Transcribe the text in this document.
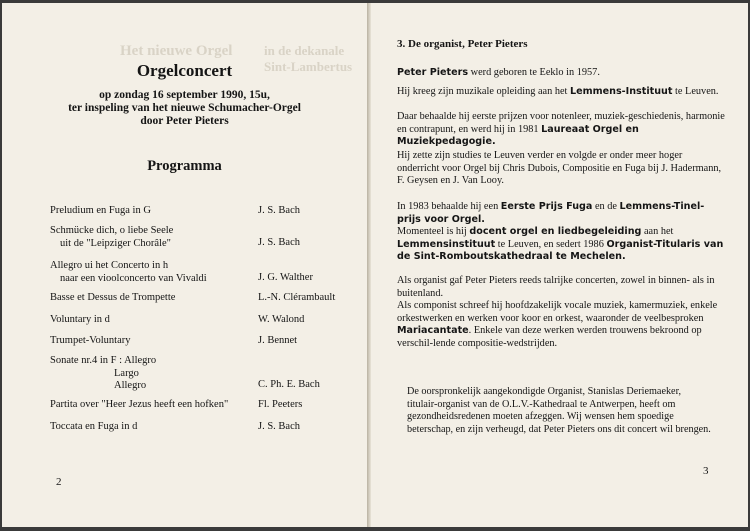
Het nieuwe Orgel in de dekanale Sint-Lambertus
Orgelconcert
op zondag 16 september 1990, 15u,
ter inspeling van het nieuwe Schumacher-Orgel
door Peter Pieters
Programma
Preludium en Fuga in G	J. S. Bach
Schmücke dich, o liebe Seele
uit de "Leipziger Chorâle"	J. S. Bach
Allegro ui het Concerto in h
naar een vioolconcerto van Vivaldi	J. G. Walther
Basse et Dessus de Trompette	L.-N. Clérambault
Voluntary in d	W. Walond
Trumpet-Voluntary	J. Bennet
Sonate nr.4 in F : Allegro
Largo
Allegro	C. Ph. E. Bach
Partita over "Heer Jezus heeft een hofken"	Fl. Peeters
Toccata en Fuga in d	J. S. Bach
2
3. De organist, Peter Pieters
Peter Pieters werd geboren te Eeklo in 1957.
Hij kreeg zijn muzikale opleiding aan het Lemmens-Instituut te Leuven.
Daar behaalde hij eerste prijzen voor notenleer, muziek-geschiedenis, harmonie en contrapunt, en werd hij in 1981 Laureaat Orgel en Muziekpedagogie.
Hij zette zijn studies te Leuven verder en volgde er onder meer hoger onderricht voor Orgel bij Chris Dubois, Compositie en Fuga bij J. Hadermann, F. Geysen en J. Van Looy.
In 1983 behaalde hij een Eerste Prijs Fuga en de Lemmens-Tinel-prijs voor Orgel.
Momenteel is hij docent orgel en liedbegeleiding aan het Lemmensinstituut te Leuven, en sedert 1986 Organist-Titularis van de Sint-Romboutskathedraal te Mechelen.
Als organist gaf Peter Pieters reeds talrijke concerten, zowel in binnen- als in buitenland.
Als componist schreef hij hoofdzakelijk vocale muziek, kamermuziek, enkele orkestwerken en werken voor koor en orkest, waaronder de veelbesproken Mariacantate. Enkele van deze werken werden trouwens bekroond op verschil-lende compositie-wedstrijden.
De oorspronkelijk aangekondigde Organist, Stanislas Deriemaeker, titulair-organist van de O.L.V.-Kathedraal te Antwerpen, heeft om gezondheidsredenen moeten afzeggen. Wij wensen hem spoedige beterschap, en zijn verheugd, dat Peter Pieters ons dit concert wil brengen.
3
